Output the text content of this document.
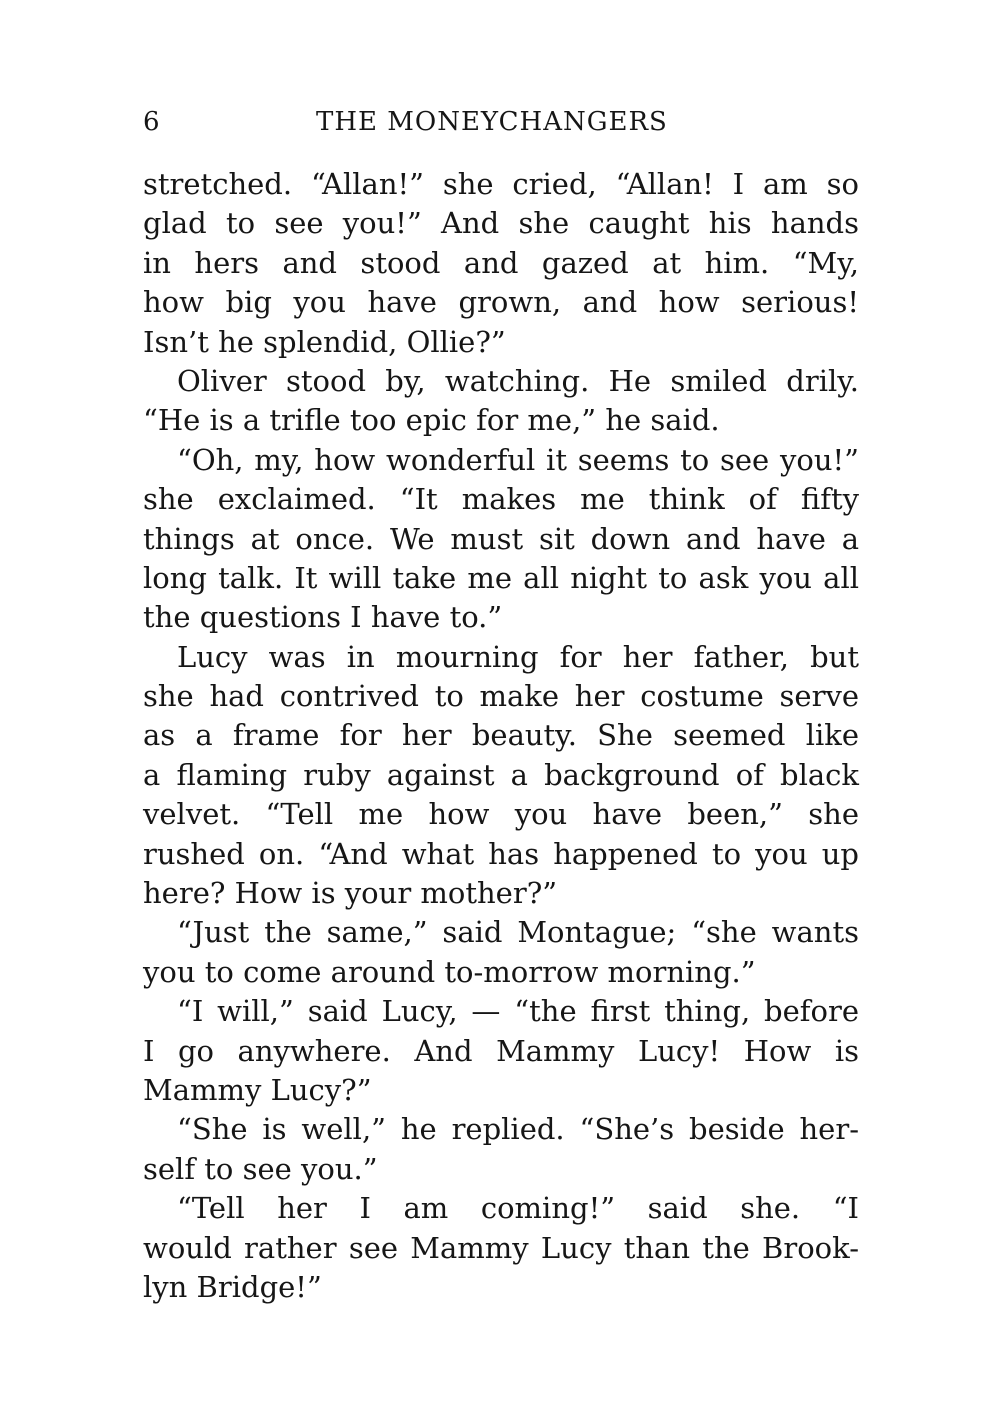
6	THE MONEYCHANGERS
stretched. “Allan!” she cried, “Allan! I am so
glad to see you!” And she caught his hands
in hers and stood and gazed at him. “My,
how big you have grown, and how serious!
Isn’t he splendid, Ollie?”
Oliver stood by, watching. He smiled drily.
“He is a trifle too epic for me,” he said.
“Oh, my, how wonderful it seems to see you!”
she exclaimed. “It makes me think of fifty
things at once. We must sit down and have a
long talk. It will take me all night to ask you all
the questions I have to.”
Lucy was in mourning for her father, but
she had contrived to make her costume serve
as a frame for her beauty. She seemed like
a flaming ruby against a background of black
velvet. “Tell me how you have been,” she
rushed on. “And what has happened to you up
here? How is your mother?”
“Just the same,” said Montague; “she wants
you to come around to-morrow morning.”
“I will,” said Lucy, — “the first thing, before
I go anywhere. And Mammy Lucy! How is
Mammy Lucy?”
“She is well,” he replied. “She’s beside her-
self to see you.”
“Tell her I am coming!” said she. “I
would rather see Mammy Lucy than the Brook-
lyn Bridge!”
